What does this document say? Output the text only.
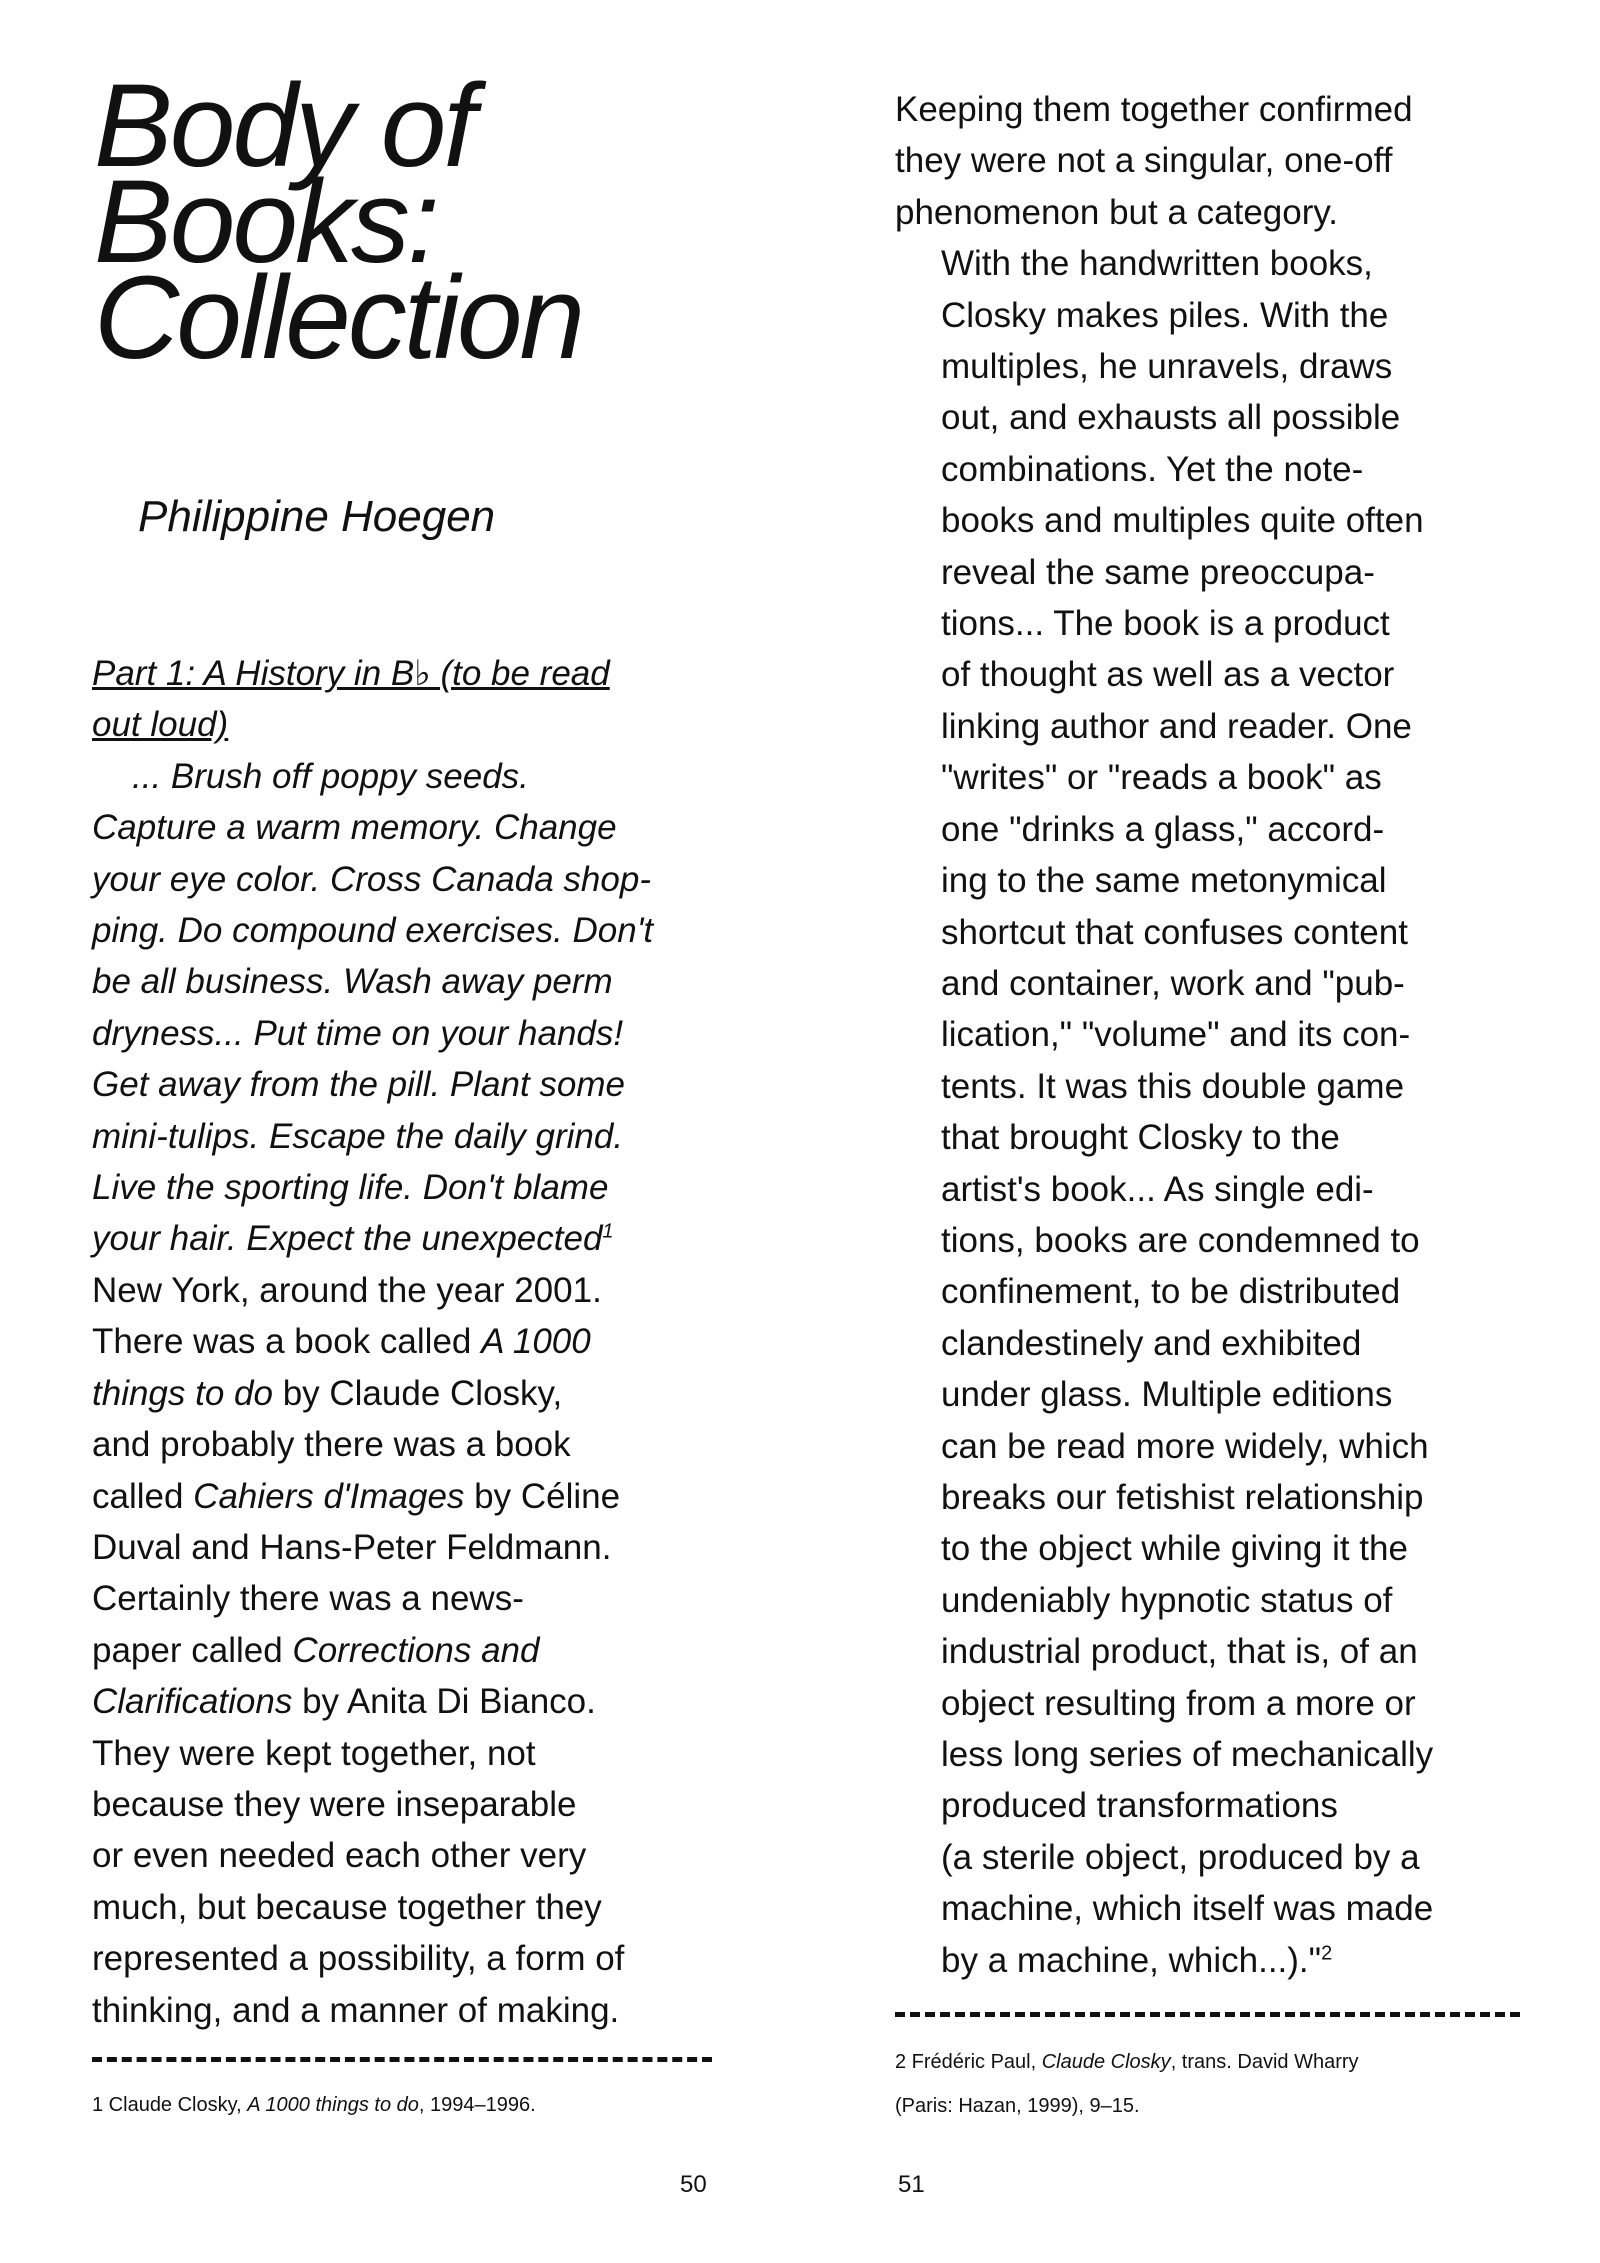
Body of
Books:
Collection
Philippine Hoegen
Part 1: A History in B♭ (to be read
out loud)
... Brush off poppy seeds.
Capture a warm memory. Change
your eye color. Cross Canada shop-
ping. Do compound exercises. Don't
be all business. Wash away perm
dryness... Put time on your hands!
Get away from the pill. Plant some
mini-tulips. Escape the daily grind.
Live the sporting life. Don't blame
your hair. Expect the unexpected$^1$
New York, around the year 2001.
There was a book called A 1000
things to do by Claude Closky,
and probably there was a book
called Cahiers d'Images by Céline
Duval and Hans-Peter Feldmann.
Certainly there was a news-
paper called Corrections and
Clarifications by Anita Di Bianco.
They were kept together, not
because they were inseparable
or even needed each other very
much, but because together they
represented a possibility, a form of
thinking, and a manner of making.
1 Claude Closky, A 1000 things to do, 1994–1996.
Keeping them together confirmed
they were not a singular, one-off
phenomenon but a category.
With the handwritten books,
Closky makes piles. With the
multiples, he unravels, draws
out, and exhausts all possible
combinations. Yet the note-
books and multiples quite often
reveal the same preoccupa-
tions... The book is a product
of thought as well as a vector
linking author and reader. One
"writes" or "reads a book" as
one "drinks a glass," accord-
ing to the same metonymical
shortcut that confuses content
and container, work and "pub-
lication," "volume" and its con-
tents. It was this double game
that brought Closky to the
artist's book... As single edi-
tions, books are condemned to
confinement, to be distributed
clandestinely and exhibited
under glass. Multiple editions
can be read more widely, which
breaks our fetishist relationship
to the object while giving it the
undeniably hypnotic status of
industrial product, that is, of an
object resulting from a more or
less long series of mechanically
produced transformations
(a sterile object, produced by a
machine, which itself was made
by a machine, which...)."$^2$
2 Frédéric Paul, Claude Closky, trans. David Wharry
(Paris: Hazan, 1999), 9–15.
50	51
